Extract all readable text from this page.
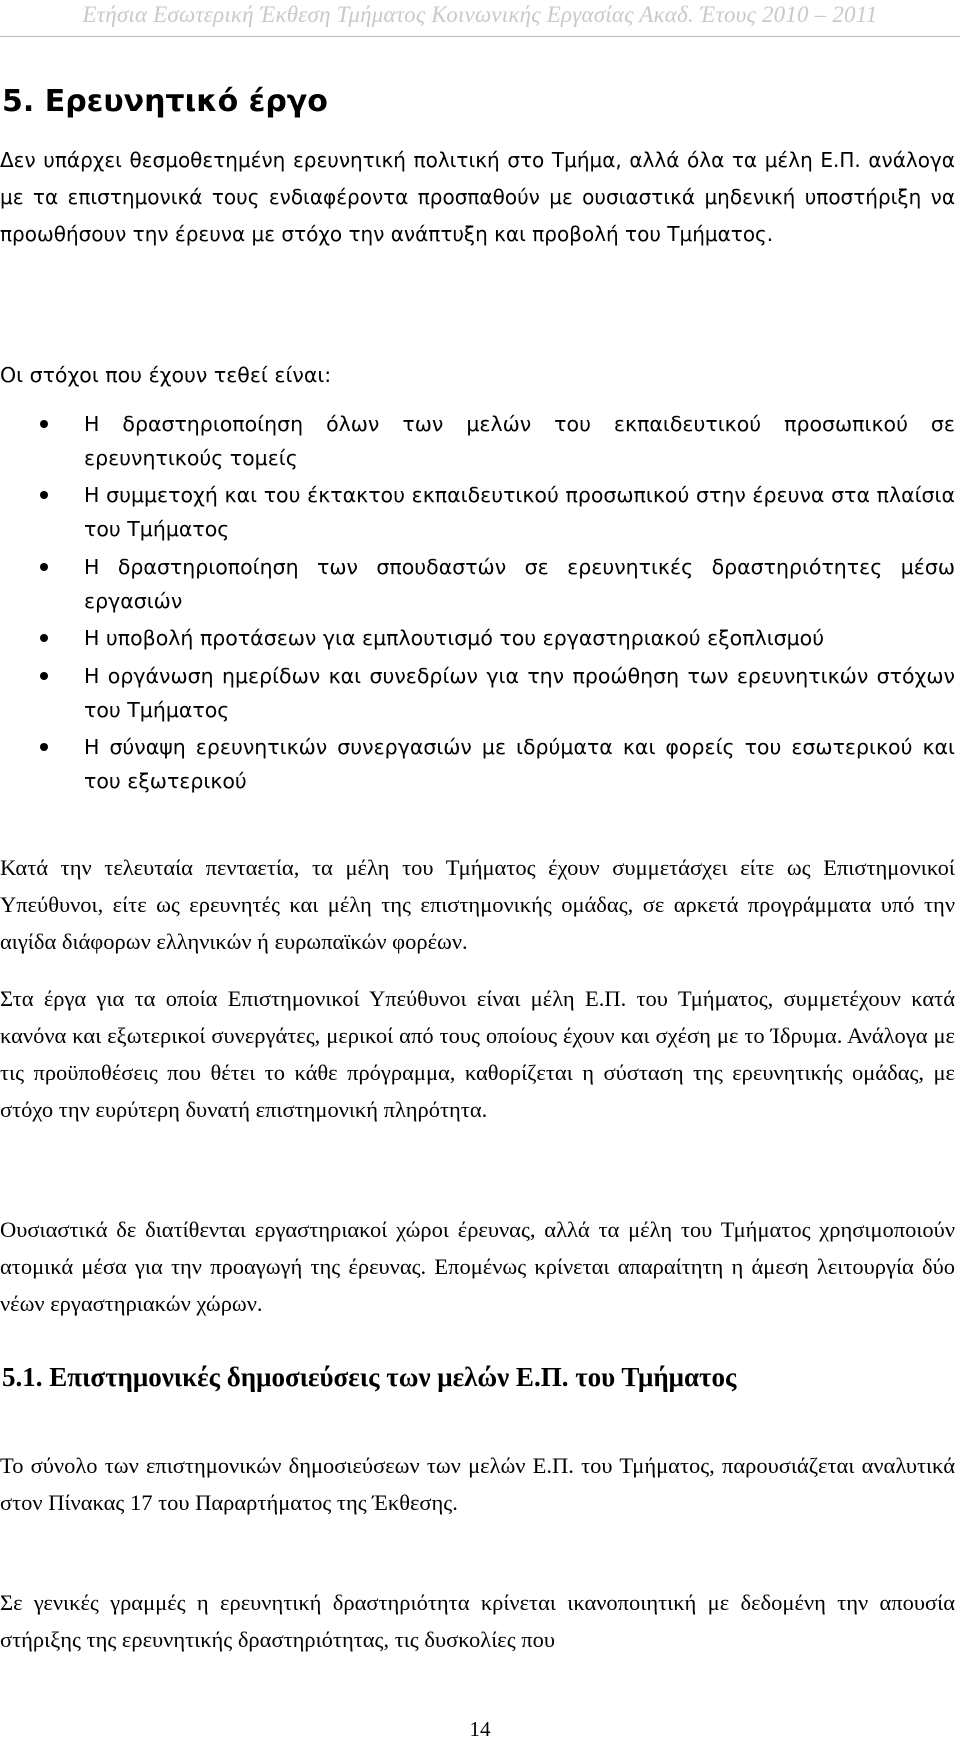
Ετήσια Εσωτερική Έκθεση Τμήματος Κοινωνικής Εργασίας Ακαδ. Έτους 2010 – 2011
5. Ερευνητικό έργο

Δεν υπάρχει θεσμοθετημένη ερευνητική πολιτική στο Τμήμα, αλλά όλα τα μέλη Ε.Π. ανάλογα με τα επιστημονικά τους ενδιαφέροντα προσπαθούν με ουσιαστικά μηδενική υποστήριξη να προωθήσουν την έρευνα με στόχο την ανάπτυξη και προβολή του Τμήματος.

Οι στόχοι που έχουν τεθεί είναι:

Η δραστηριοποίηση όλων των μελών του εκπαιδευτικού προσωπικού σε ερευνητικούς τομείς
Η συμμετοχή και του έκτακτου εκπαιδευτικού προσωπικού στην έρευνα στα πλαίσια του Τμήματος
Η δραστηριοποίηση των σπουδαστών σε ερευνητικές δραστηριότητες μέσω εργασιών
Η υποβολή προτάσεων για εμπλουτισμό του εργαστηριακού εξοπλισμού
Η οργάνωση ημερίδων και συνεδρίων για την προώθηση των ερευνητικών στόχων του Τμήματος
Η σύναψη ερευνητικών συνεργασιών με ιδρύματα και φορείς του εσωτερικού και του εξωτερικού

Κατά την τελευταία πενταετία, τα μέλη του Τμήματος έχουν συμμετάσχει είτε ως Επιστημονικοί Υπεύθυνοι, είτε ως ερευνητές και μέλη της επιστημονικής ομάδας, σε αρκετά προγράμματα υπό την αιγίδα διάφορων ελληνικών ή ευρωπαϊκών φορέων.

Στα έργα για τα οποία Επιστημονικοί Υπεύθυνοι είναι μέλη Ε.Π. του Τμήματος, συμμετέχουν κατά κανόνα και εξωτερικοί συνεργάτες, μερικοί από τους οποίους έχουν και σχέση με το Ίδρυμα. Ανάλογα με τις προϋποθέσεις που θέτει το κάθε πρόγραμμα, καθορίζεται η σύσταση της ερευνητικής ομάδας, με στόχο την ευρύτερη δυνατή επιστημονική πληρότητα.

Ουσιαστικά δε διατίθενται εργαστηριακοί χώροι έρευνας, αλλά τα μέλη του Τμήματος χρησιμοποιούν ατομικά μέσα για την προαγωγή της έρευνας. Επομένως κρίνεται απαραίτητη η άμεση λειτουργία δύο νέων εργαστηριακών χώρων.

5.1. Επιστημονικές δημοσιεύσεις των μελών Ε.Π. του Τμήματος

Το σύνολο των επιστημονικών δημοσιεύσεων των μελών Ε.Π. του Τμήματος, παρουσιάζεται αναλυτικά στον Πίνακας 17 του Παραρτήματος της Έκθεσης.

Σε γενικές γραμμές η ερευνητική δραστηριότητα κρίνεται ικανοποιητική με δεδομένη την απουσία στήριξης της ερευνητικής δραστηριότητας, τις δυσκολίες που

14
